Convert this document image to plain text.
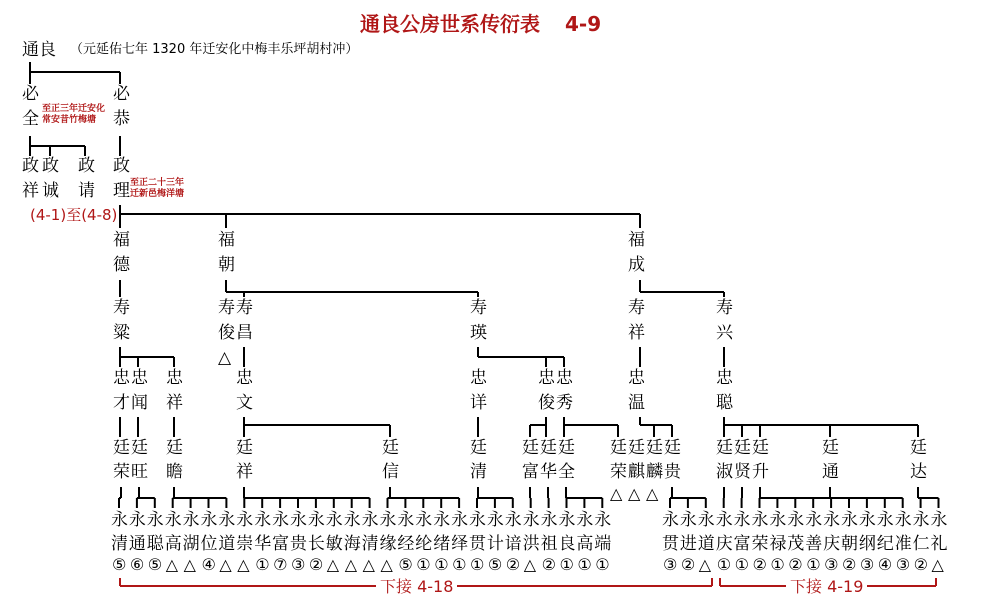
通良公房世系传衍表 4-9
通良 （元延佑七年 1320 年迁安化中梅丰乐坪胡村冲）
必
全
必
恭
至正三年迁安化
常安昔竹梅塘
政
祥
政
诚
政
请
政
理 至正二十三年
迁新邑梅洋塘
(4-1)至(4-8)
福
德
福
朝
福
成
寿
粱
寿
俊
△
寿
昌
寿
瑛
寿
祥
寿
兴
忠
才
忠
闻
忠
祥
忠
文
忠
详
忠
俊
忠
秀
忠
温
忠
聪
廷
荣
廷
旺
廷
瞻
廷
祥
廷
信
廷
清
廷
富
廷
华
廷
全
廷
荣
廷
麒
廷
麟
廷
贵
廷
淑
廷
贤
廷
升
廷
通
廷
达
△ △ △
永
清
⑤
永
通
⑥
永
聪
⑤
永
高
△
永
湖
△
永
位
④
永
道
△
永
崇
△
永
华
①
永
富
⑦
永
贵
③
永
长
②
永
敏
△
永
海
△
永
清
△
永
缘
△
永
经
⑤
永
纶
①
永
绪
①
永
绎
①
永
贯
①
永
计
⑤
永
谙
②
永
洪
△
永
祖
②
永
良
①
永
高
①
永
端
①
永
贯
③
永
进
②
永
道
△
永
庆
①
永
富
①
永
荣
②
永
禄
①
永
茂
②
永
善
①
永
庆
③
永
朝
②
永
纲
③
永
纪
④
永
准
③
永
仁
②
永
礼
△
下接 4-18	下接 4-19
